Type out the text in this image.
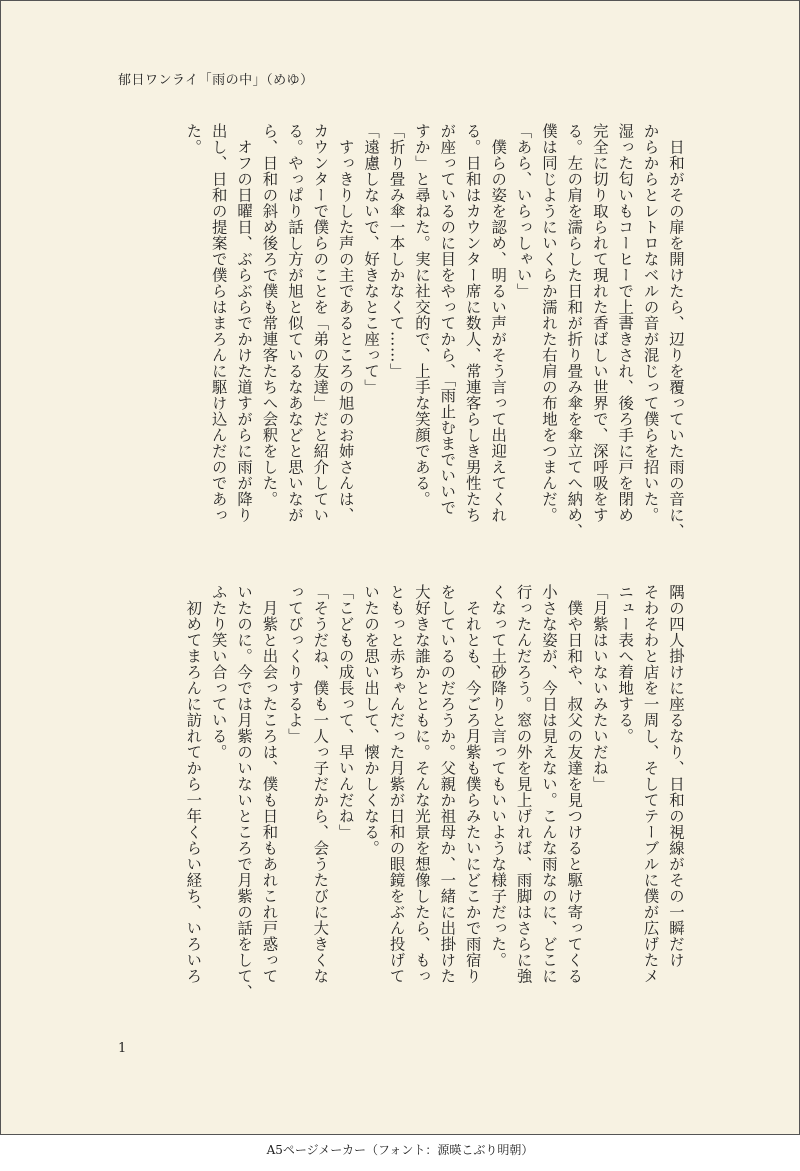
郁日ワンライ「雨の中」（めゆ）

　日和がその扉を開けたら、辺りを覆っていた雨の音に、

からからとレトロなベルの音が混じって僕らを招いた。

湿った匂いもコーヒーで上書きされ、後ろ手に戸を閉め

完全に切り取られて現れた香ばしい世界で、深呼吸をす

る。左の肩を濡らした日和が折り畳み傘を傘立てへ納め、

僕は同じようにいくらか濡れた右肩の布地をつまんだ。

「あら、いらっしゃい」

　僕らの姿を認め、明るい声がそう言って出迎えてくれ

る。日和はカウンター席に数人、常連客らしき男性たち

が座っているのに目をやってから、「雨止むまでいいで

すか」と尋ねた。実に社交的で、上手な笑顔である。

「折り畳み傘一本しかなくて……」

「遠慮しないで、好きなとこ座って」

　すっきりした声の主であるところの旭のお姉さんは、

カウンターで僕らのことを「弟の友達」だと紹介してい

る。やっぱり話し方が旭と似ているなあなどと思いなが

ら、日和の斜め後ろで僕も常連客たちへ会釈をした。

　オフの日曜日、ぶらぶらでかけた道すがらに雨が降り

出し、日和の提案で僕らはまろんに駆け込んだのであっ

た。

隅の四人掛けに座るなり、日和の視線がその一瞬だけ

そわそわと店を一周し、そしてテーブルに僕が広げたメ

ニュー表へ着地する。

「月紫はいないみたいだね」

　僕や日和や、叔父の友達を見つけると駆け寄ってくる

小さな姿が、今日は見えない。こんな雨なのに、どこに

行ったんだろう。窓の外を見上げれば、雨脚はさらに強

くなって土砂降りと言ってもいいような様子だった。

　それとも、今ごろ月紫も僕らみたいにどこかで雨宿り

をしているのだろうか。父親か祖母か、一緒に出掛けた

大好きな誰かとともに。そんな光景を想像したら、もっ

ともっと赤ちゃんだった月紫が日和の眼鏡をぶん投げて

いたのを思い出して、懐かしくなる。

「こどもの成長って、早いんだね」

「そうだね、僕も一人っ子だから、会うたびに大きくな

ってびっくりするよ」

　月紫と出会ったころは、僕も日和もあれこれ戸惑って

いたのに。今では月紫のいないところで月紫の話をして、

ふたり笑い合っている。

　初めてまろんに訪れてから一年くらい経ち、いろいろ

1
A5ページメーカー（フォント：源暎こぶり明朝）
